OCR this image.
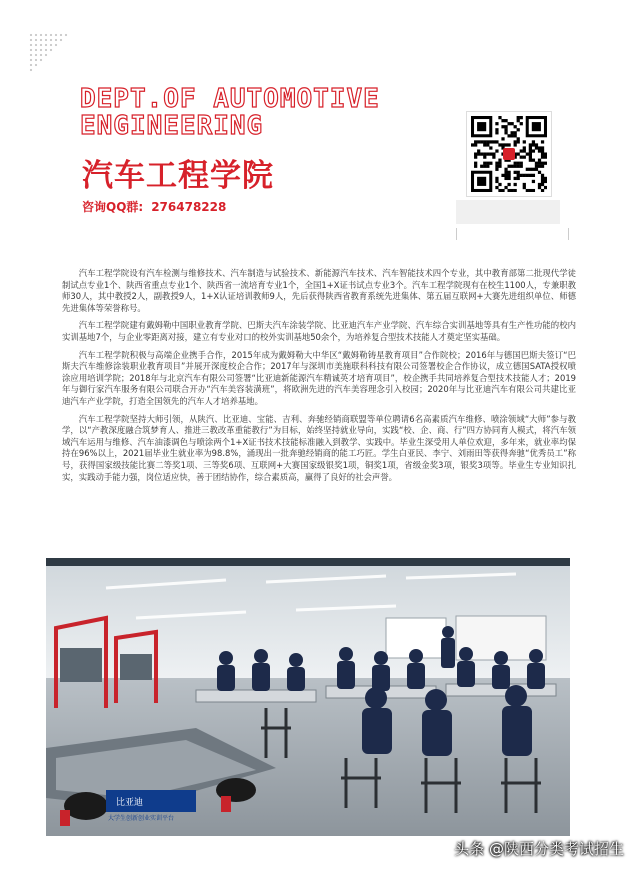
DEPT.OF AUTOMOTIVE ENGINEERING
汽车工程学院
咨询QQ群: 276478228

汽车工程学院设有汽车检测与维修技术、汽车制造与试验技术、新能源汽车技术、汽车智能技术四个专业，其中教育部第二批现代学徒制试点专业1个、陕西省重点专业1个、陕西省一流培育专业1个，全国1+X证书试点专业3个。汽车工程学院现有在校生1100人，专兼职教师30人，其中教授2人，副教授9人，1+X认证培训教师9人，先后获得陕西省教育系统先进集体、第五届互联网+大赛先进组织单位、师德先进集体等荣誉称号。

汽车工程学院建有戴姆勒中国职业教育学院、巴斯夫汽车涂装学院、比亚迪汽车产业学院、汽车综合实训基地等具有生产性功能的校内实训基地7个，与企业零距离对接，建立有专业对口的校外实训基地50余个，为培养复合型技术技能人才奠定坚实基础。

汽车工程学院积极与高端企业携手合作，2015年成为戴姆勒大中华区“戴姆勒铸星教育项目”合作院校；2016年与德国巴斯夫签订“巴斯夫汽车维修涂装职业教育项目”并展开深度校企合作；2017年与深圳市美施联科科技有限公司签署校企合作协议，成立德国SATA授权喷涂应用培训学院；2018年与北京汽车有限公司签署“比亚迪新能源汽车精诚英才培育项目”，校企携手共同培养复合型技术技能人才；2019年与御行家汽车服务有限公司联合开办“汽车美容装潢班”，将欧洲先进的汽车美容理念引入校园；2020年与比亚迪汽车有限公司共建比亚迪汽车产业学院，打造全国领先的汽车人才培养基地。

汽车工程学院坚持大师引领，从陕汽、比亚迪、宝能、吉利、奔驰经销商联盟等单位聘请6名高素质汽车维修、喷涂领域“大师”参与教学，以“产教深度融合筑梦育人、推进三教改革重能教行”为目标，始终坚持就业导向，实践“校、企、商、行”四方协同育人模式，将汽车领域汽车运用与维修、汽车油漆调色与喷涂两个1+X证书技术技能标准融入到教学、实践中。毕业生深受用人单位欢迎，多年来，就业率均保持在96%以上，2021届毕业生就业率为98.8%，涌现出一批奔驰经销商的能工巧匠。学生白亚民、李宁、刘雨田等获得奔驰“优秀员工”称号，获得国家级技能比赛二等奖1项、三等奖6项、互联网+大赛国家级银奖1项，铜奖1项，省级金奖3项，银奖3项等。毕业生专业知识扎实，实践动手能力强，岗位适应快，善于团结协作，综合素质高，赢得了良好的社会声誉。

比亚迪
大学生创新创业实训平台
头条 @陕西分类考试招生
